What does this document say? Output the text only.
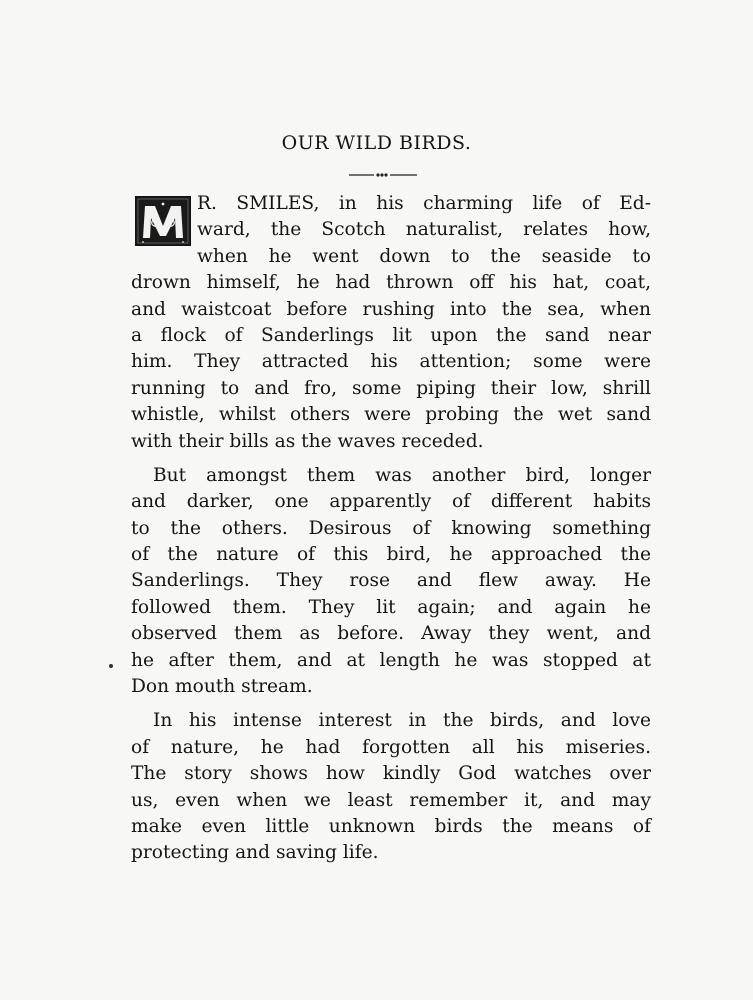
OUR WILD BIRDS.
R. SMILES, in his charming life of Ed-
ward, the Scotch naturalist, relates how,
when he went down to the seaside to
drown himself, he had thrown off his hat, coat,
and waistcoat before rushing into the sea, when
a flock of Sanderlings lit upon the sand near
him. They attracted his attention; some were
running to and fro, some piping their low, shrill
whistle, whilst others were probing the wet sand
with their bills as the waves receded.
But amongst them was another bird, longer
and darker, one apparently of different habits
to the others. Desirous of knowing something
of the nature of this bird, he approached the
Sanderlings. They rose and flew away. He
followed them. They lit again; and again he
observed them as before. Away they went, and
he after them, and at length he was stopped at
Don mouth stream.
In his intense interest in the birds, and love
of nature, he had forgotten all his miseries.
The story shows how kindly God watches over
us, even when we least remember it, and may
make even little unknown birds the means of
protecting and saving life.
